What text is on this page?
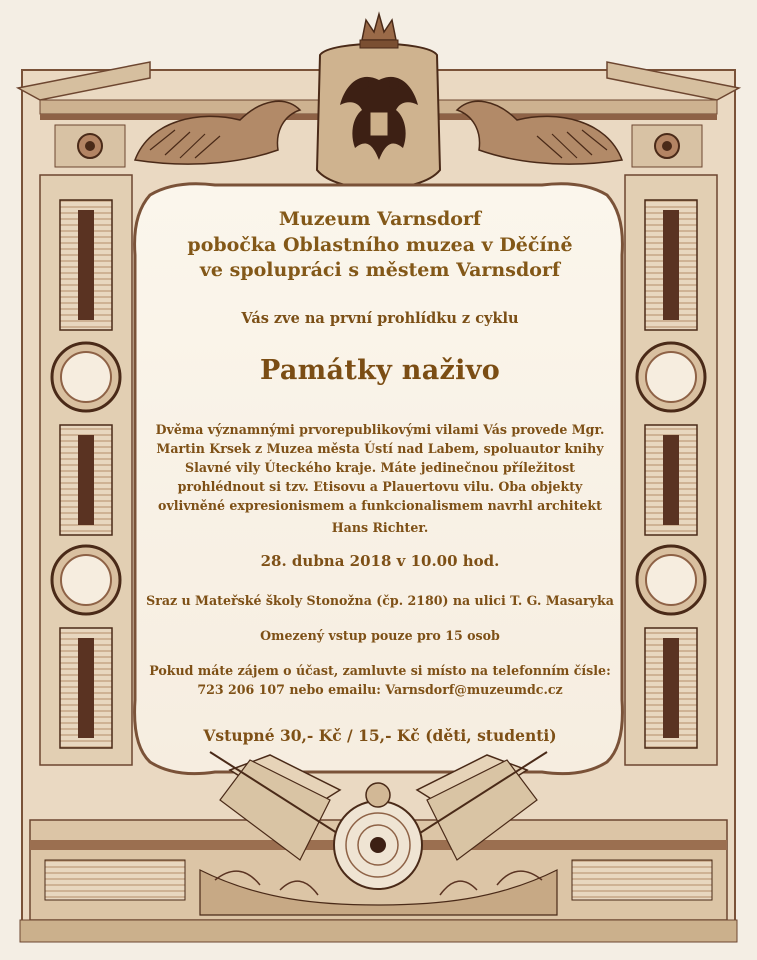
Muzeum Varnsdorf

pobočka Oblastního muzea v Děčíně

ve spolupráci s městem Varnsdorf

Vás zve na první prohlídku z cyklu

Památky naživo

Dvěma významnými prvorepublikovými vilami Vás provede Mgr.
Martin Krsek z Muzea města Ústí nad Labem, spoluautor knihy
Slavné vily Úteckého kraje. Máte jedinečnou příležitost
prohlédnout si tzv. Etisovu a Plauertovu vilu. Oba objekty
ovlivněné expresionismem a funkcionalismem navrhl architekt
Hans Richter.

28. dubna 2018 v 10.00 hod.

Sraz u Mateřské školy Stonožna (čp. 2180) na ulici T. G. Masaryka

Omezený vstup pouze pro 15 osob

Pokud máte zájem o účast, zamluvte si místo na telefonním čísle:
723 206 107 nebo emailu: Varnsdorf@muzeumdc.cz

Vstupné 30,- Kč / 15,- Kč (děti, studenti)
